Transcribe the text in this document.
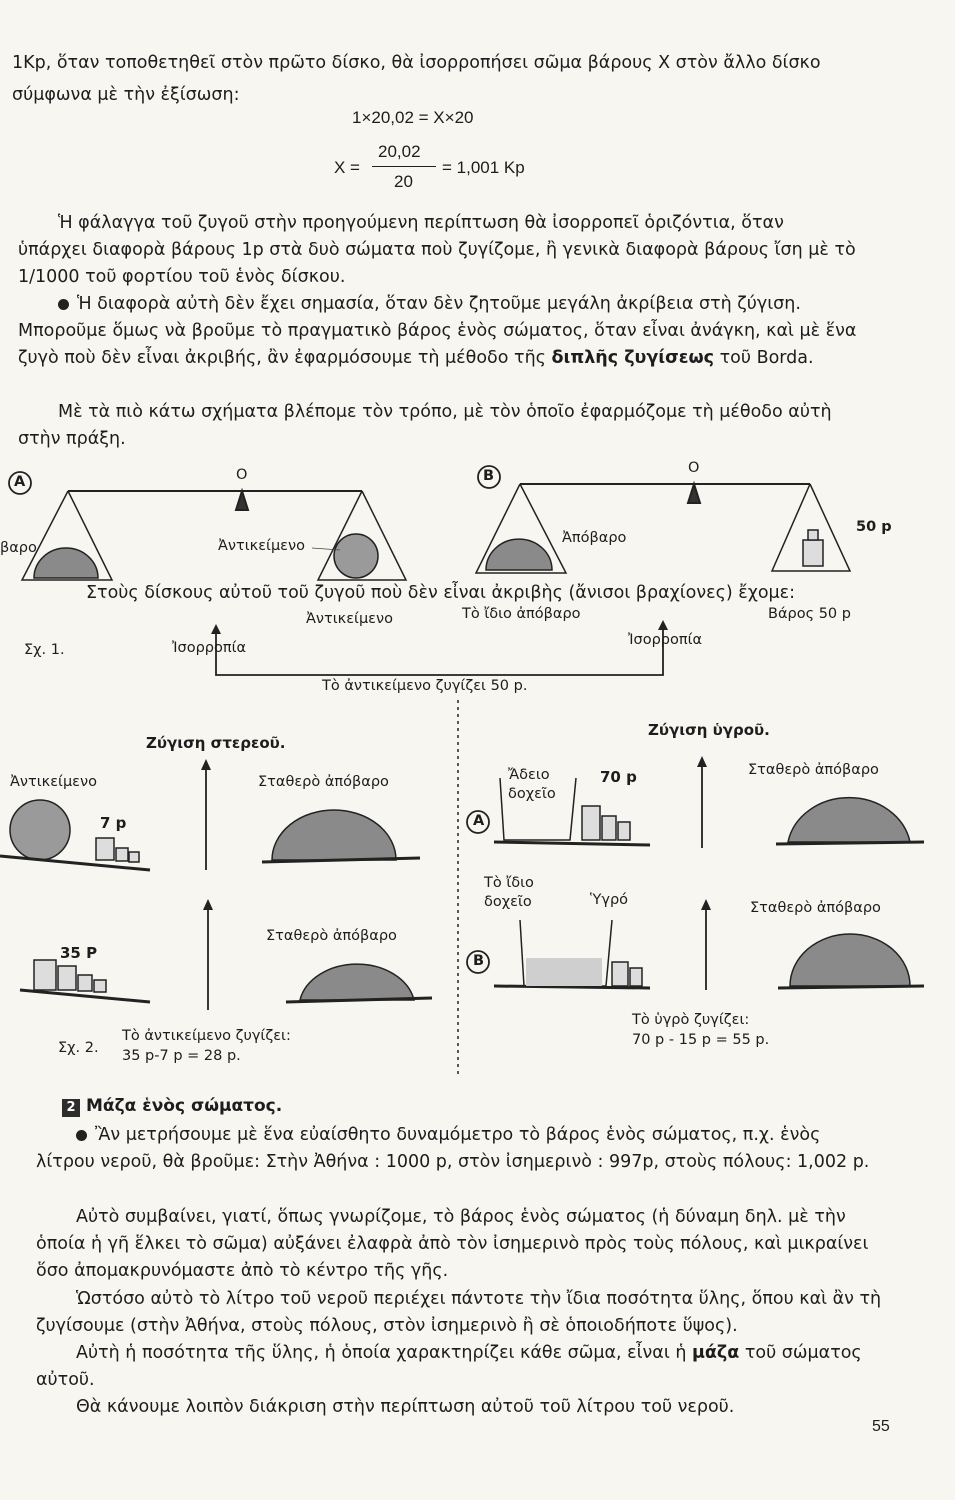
1Kp, ὅταν τοποθετηθεῖ στὸν πρῶτο δίσκο, θὰ ἰσορροπήσει σῶμα βάρους X στὸν ἄλλο δίσκο
σύμφωνα μὲ τὴν ἐξίσωση:
1×20,02 = X×20
X =
20,02
20
= 1,001 Kp

Ἡ φάλαγγα τοῦ ζυγοῦ στὴν προηγούμενη περίπτωση θὰ ἰσορροπεῖ ὁριζόντια, ὅταν ὑπάρχει διαφορὰ βάρους 1p στὰ δυὸ σώματα ποὺ ζυγίζομε, ἢ γενικὰ διαφορὰ βάρους ἴση μὲ τὸ 1/1000 τοῦ φορτίου τοῦ ἑνὸς δίσκου.

Ἡ διαφορὰ αὐτὴ δὲν ἔχει σημασία, ὅταν δὲν ζητοῦμε μεγάλη ἀκρίβεια στὴ ζύγιση. Μποροῦμε ὅμως νὰ βροῦμε τὸ πραγματικὸ βάρος ἑνὸς σώματος, ὅταν εἶναι ἀνάγκη, καὶ μὲ ἕνα ζυγὸ ποὺ δὲν εἶναι ἀκριβής, ἂν ἐφαρμόσουμε τὴ μέθοδο τῆς διπλῆς ζυγίσεως τοῦ Borda.

Μὲ τὰ πιὸ κάτω σχήματα βλέπομε τὸν τρόπο, μὲ τὸν ὁποῖο ἐφαρμόζομε τὴ μέθοδο αὐτὴ στὴν πράξη.

A	B
O	O
βαρο	Ἀντικείμενο	Ἀπόβαρο
50 p
Στοὺς δίσκους αὐτοῦ τοῦ ζυγοῦ ποὺ δὲν εἶναι ἀκριβὴς (ἄνισοι βραχίονες) ἔχομε:
Ἀντικείμενο	Τὸ ἴδιο ἀπόβαρο	Βάρος 50 p
Ἰσορροπία	Ἰσορροπία
Σχ. 1.
Τὸ ἀντικείμενο ζυγίζει 50 p.
Ζύγιση στερεοῦ.
Ζύγιση ὑγροῦ.
Ἀντικείμενο
7 p
Σταθερὸ ἀπόβαρο
Σταθερὸ ἀπόβαρο
35 P
Ἄδειο
δοχεῖο
70 p	Σταθερὸ ἀπόβαρο
A
B
Τὸ ἴδιο
δοχεῖο	Ὑγρό	Σταθερὸ ἀπόβαρο
Σχ. 2.
Τὸ ἀντικείμενο ζυγίζει:
35 p-7 p = 28 p.
Τὸ ὑγρὸ ζυγίζει:
70 p - 15 p = 55 p.
2 Μάζα ἑνὸς σώματος.

Ἂν μετρήσουμε μὲ ἕνα εὐαίσθητο δυναμόμετρο τὸ βάρος ἑνὸς σώματος, π.χ. ἑνὸς λίτρου νεροῦ, θὰ βροῦμε: Στὴν Ἀθήνα : 1000 p, στὸν ἰσημερινὸ : 997p, στοὺς πόλους: 1,002 p.

Αὐτὸ συμβαίνει, γιατί, ὅπως γνωρίζομε, τὸ βάρος ἑνὸς σώματος (ἡ δύναμη δηλ. μὲ τὴν ὁποία ἡ γῆ ἕλκει τὸ σῶμα) αὐξάνει ἐλαφρὰ ἀπὸ τὸν ἰσημερινὸ πρὸς τοὺς πόλους, καὶ μικραίνει ὅσο ἀπομακρυνόμαστε ἀπὸ τὸ κέντρο τῆς γῆς.

Ὡστόσο αὐτὸ τὸ λίτρο τοῦ νεροῦ περιέχει πάντοτε τὴν ἴδια ποσότητα ὕλης, ὅπου καὶ ἂν τὴ ζυγίσουμε (στὴν Ἀθήνα, στοὺς πόλους, στὸν ἰσημερινὸ ἢ σὲ ὁποιοδήποτε ὕψος).

Αὐτὴ ἡ ποσότητα τῆς ὕλης, ἡ ὁποία χαρακτηρίζει κάθε σῶμα, εἶναι ἡ μάζα τοῦ σώματος αὐτοῦ.

Θὰ κάνουμε λοιπὸν διάκριση στὴν περίπτωση αὐτοῦ τοῦ λίτρου τοῦ νεροῦ.

55
